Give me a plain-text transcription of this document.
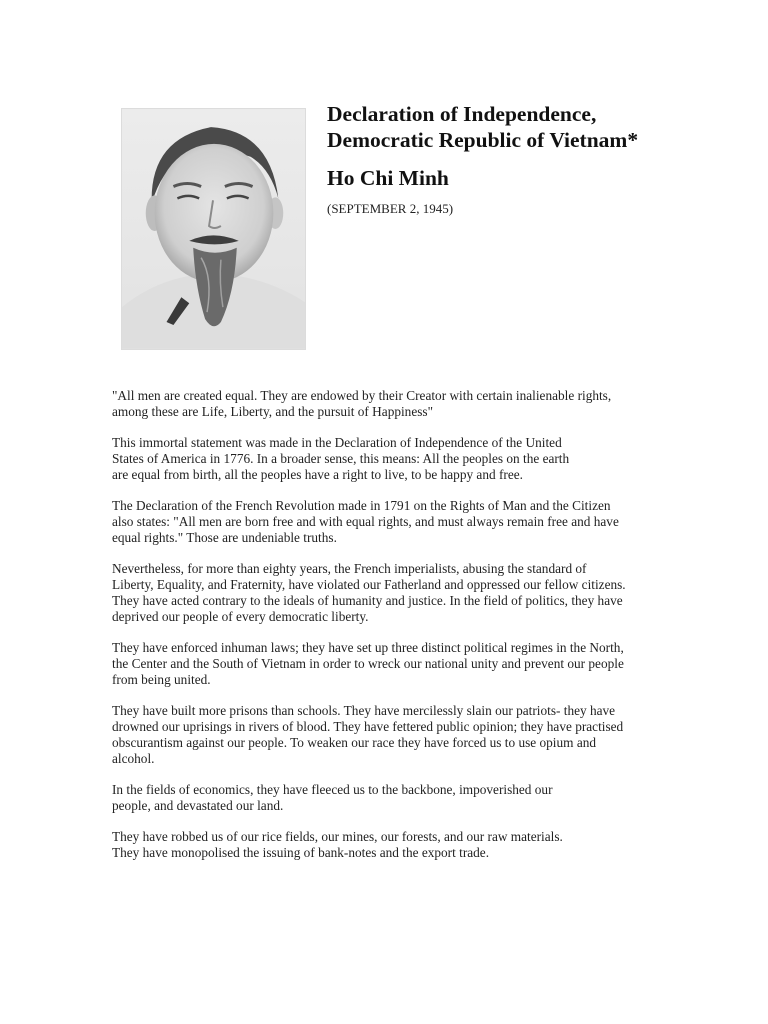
Declaration of Independence,
Democratic Republic of Vietnam*
Ho Chi Minh

(SEPTEMBER 2, 1945)

"All men are created equal. They are endowed by their Creator with certain inalienable rights,
among these are Life, Liberty, and the pursuit of Happiness"

This immortal statement was made in the Declaration of Independence of the United
States of America in 1776. In a broader sense, this means: All the peoples on the earth
are equal from birth, all the peoples have a right to live, to be happy and free.

The Declaration of the French Revolution made in 1791 on the Rights of Man and the Citizen
also states: "All men are born free and with equal rights, and must always remain free and have
equal rights." Those are undeniable truths.

Nevertheless, for more than eighty years, the French imperialists, abusing the standard of
Liberty, Equality, and Fraternity, have violated our Fatherland and oppressed our fellow citizens.
They have acted contrary to the ideals of humanity and justice. In the field of politics, they have
deprived our people of every democratic liberty.

They have enforced inhuman laws; they have set up three distinct political regimes in the North,
the Center and the South of Vietnam in order to wreck our national unity and prevent our people
from being united.

They have built more prisons than schools. They have mercilessly slain our patriots- they have
drowned our uprisings in rivers of blood. They have fettered public opinion; they have practised
obscurantism against our people. To weaken our race they have forced us to use opium and
alcohol.

In the fields of economics, they have fleeced us to the backbone, impoverished our
people, and devastated our land.

They have robbed us of our rice fields, our mines, our forests, and our raw materials.
They have monopolised the issuing of bank-notes and the export trade.
